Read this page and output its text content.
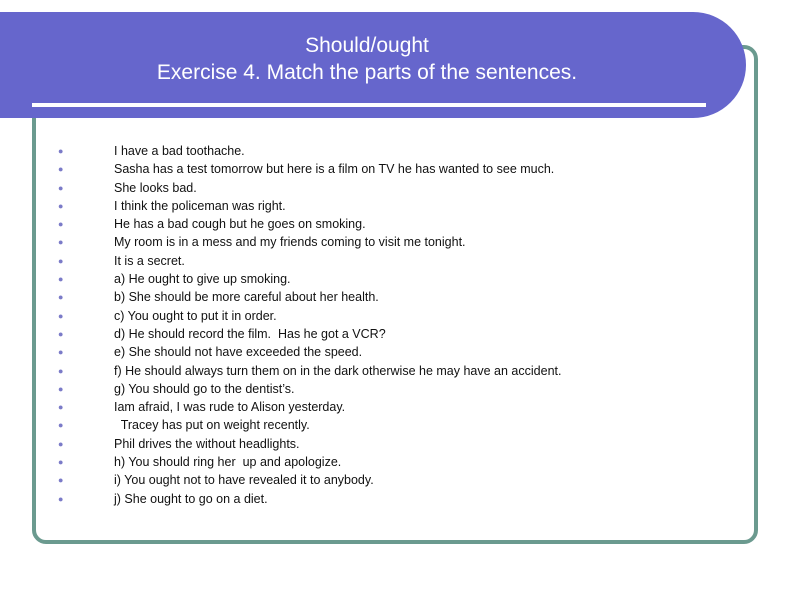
Should/ought
Exercise 4. Match the parts of the sentences.
●	I have a bad toothache.
●	Sasha has a test tomorrow but here is a film on TV he has wanted to see much.
●	She looks bad.
●	I think the policeman was right.
●	He has a bad cough but he goes on smoking.
●	My room is in a mess and my friends coming to visit me tonight.
●	It is a secret.
●	a) He ought to give up smoking.
●	b) She should be more careful about her health.
●	c) You ought to put it in order.
●	d) He should record the film.  Has he got a VCR?
●	e) She should not have exceeded the speed.
●	f) He should always turn them on in the dark otherwise he may have an accident.
●	g) You should go to the dentist’s.
●	Iam afraid, I was rude to Alison yesterday.
●	Tracey has put on weight recently.
●	Phil drives the without headlights.
●	h) You should ring her  up and apologize.
●	i) You ought not to have revealed it to anybody.
●	j) She ought to go on a diet.
